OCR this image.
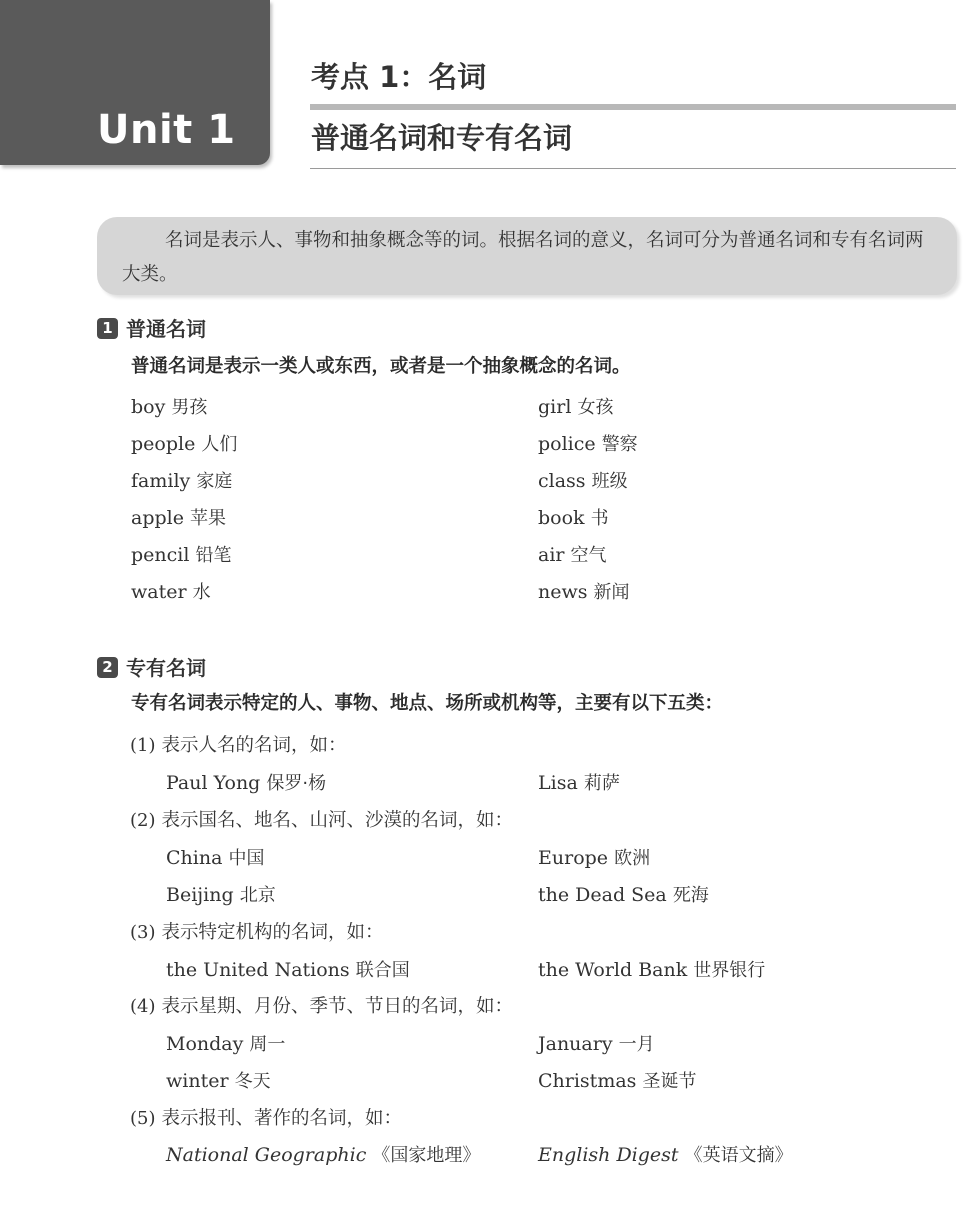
Unit 1
考点 1：名词
普通名词和专有名词
名词是表示人、事物和抽象概念等的词。根据名词的意义，名词可分为普通名词和专有名词两大类。
1 普通名词
普通名词是表示一类人或东西，或者是一个抽象概念的名词。
boy 男孩	girl 女孩
people 人们	police 警察
family 家庭	class 班级
apple 苹果	book 书
pencil 铅笔	air 空气
water 水	news 新闻
2 专有名词
专有名词表示特定的人、事物、地点、场所或机构等，主要有以下五类：
(1) 表示人名的名词，如：
Paul Yong 保罗·杨	Lisa 莉萨
(2) 表示国名、地名、山河、沙漠的名词，如：
China 中国	Europe 欧洲
Beijing 北京	the Dead Sea 死海
(3) 表示特定机构的名词，如：
the United Nations 联合国	the World Bank 世界银行
(4) 表示星期、月份、季节、节日的名词，如：
Monday 周一	January 一月
winter 冬天	Christmas 圣诞节
(5) 表示报刊、著作的名词，如：
National Geographic 《国家地理》	English Digest 《英语文摘》
